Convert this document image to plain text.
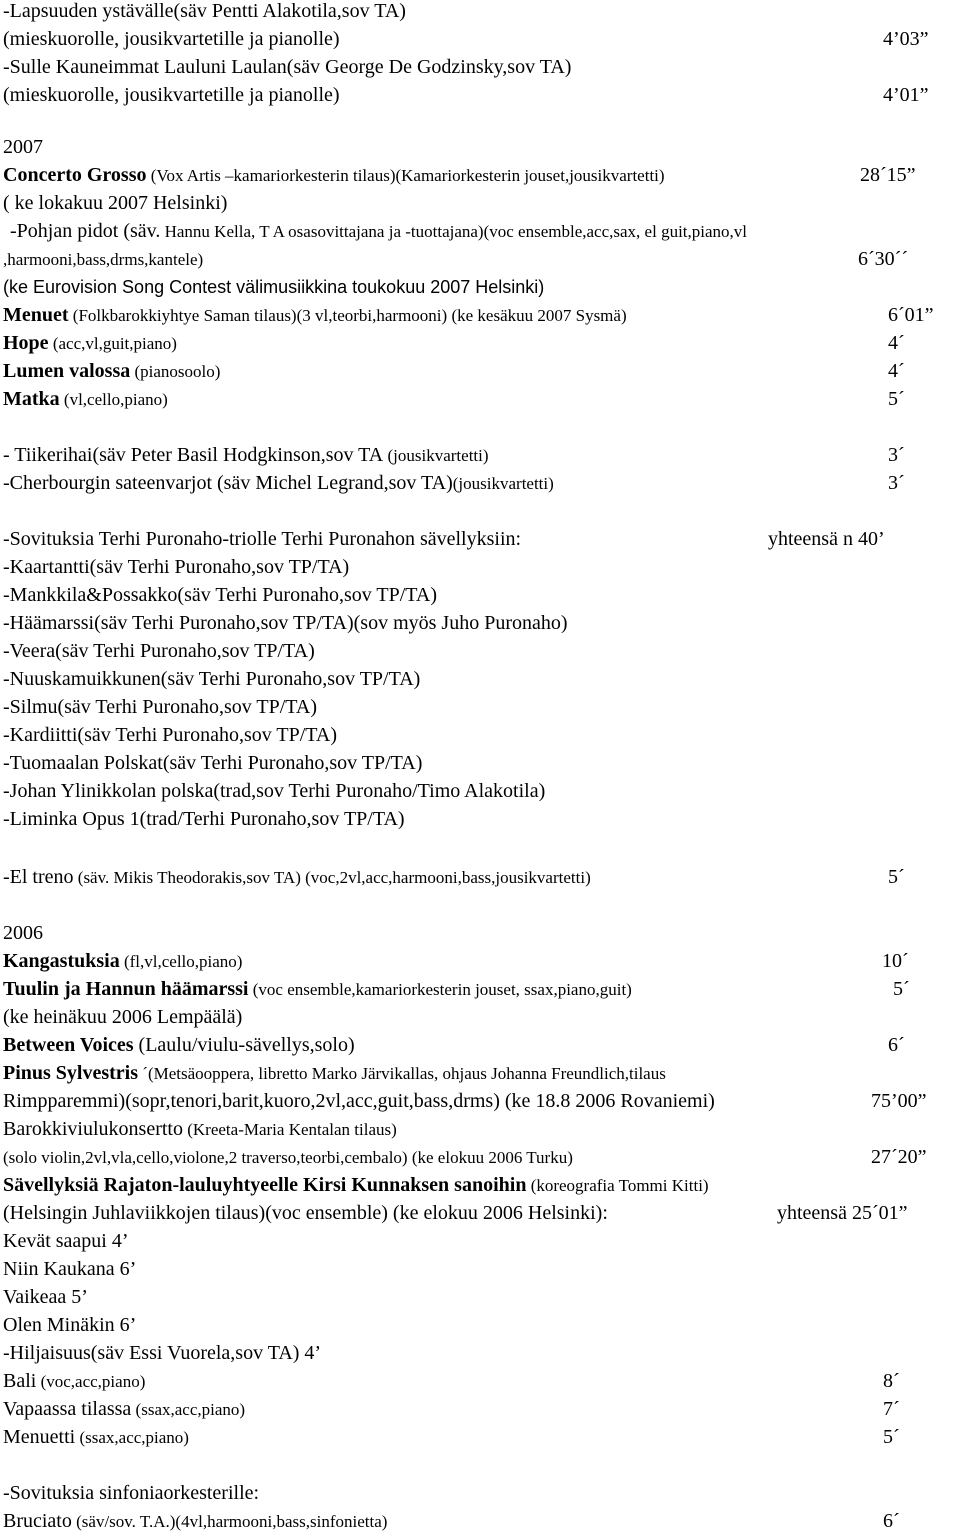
-Lapsuuden ystävälle(säv Pentti Alakotila,sov TA)
(mieskuorolle, jousikvartetille ja pianolle)	4’03”
-Sulle Kauneimmat Lauluni Laulan(säv George De Godzinsky,sov TA)
(mieskuorolle, jousikvartetille ja pianolle)	4’01”
2007
Concerto Grosso (Vox Artis –kamariorkesterin tilaus)(Kamariorkesterin jouset,jousikvartetti)	28´15”
( ke lokakuu 2007 Helsinki)
-Pohjan pidot (säv. Hannu Kella, T A osasovittajana ja -tuottajana)(voc ensemble,acc,sax, el guit,piano,vl
,harmooni,bass,drms,kantele)	6´30´´
(ke Eurovision Song Contest välimusiikkina toukokuu 2007 Helsinki)
Menuet (Folkbarokkiyhtye Saman tilaus)(3 vl,teorbi,harmooni) (ke kesäkuu 2007 Sysmä)	6´01”
Hope (acc,vl,guit,piano)	4´
Lumen valossa (pianosoolo)	4´
Matka (vl,cello,piano)	5´
- Tiikerihai(säv Peter Basil Hodgkinson,sov TA (jousikvartetti)	3´
-Cherbourgin sateenvarjot (säv Michel Legrand,sov TA)(jousikvartetti)	3´
-Sovituksia Terhi Puronaho-triolle Terhi Puronahon sävellyksiin:	yhteensä n 40’
-Kaartantti(säv Terhi Puronaho,sov TP/TA)
-Mankkila&Possakko(säv Terhi Puronaho,sov TP/TA)
-Häämarssi(säv Terhi Puronaho,sov TP/TA)(sov myös Juho Puronaho)
-Veera(säv Terhi Puronaho,sov TP/TA)
-Nuuskamuikkunen(säv Terhi Puronaho,sov TP/TA)
-Silmu(säv Terhi Puronaho,sov TP/TA)
-Kardiitti(säv Terhi Puronaho,sov TP/TA)
-Tuomaalan Polskat(säv Terhi Puronaho,sov TP/TA)
-Johan Ylinikkolan polska(trad,sov Terhi Puronaho/Timo Alakotila)
-Liminka Opus 1(trad/Terhi Puronaho,sov TP/TA)
-El treno (säv. Mikis Theodorakis,sov TA) (voc,2vl,acc,harmooni,bass,jousikvartetti)	5´
2006
Kangastuksia (fl,vl,cello,piano)	10´
Tuulin ja Hannun häämarssi (voc ensemble,kamariorkesterin jouset, ssax,piano,guit)	5´
(ke heinäkuu 2006 Lempäälä)
Between Voices (Laulu/viulu-sävellys,solo)	6´
Pinus Sylvestris ´(Metsäooppera, libretto Marko Järvikallas, ohjaus Johanna Freundlich,tilaus
Rimpparemmi)(sopr,tenori,barit,kuoro,2vl,acc,guit,bass,drms) (ke 18.8 2006 Rovaniemi)	75’00”
Barokkiviulukonsertto (Kreeta-Maria Kentalan tilaus)
(solo violin,2vl,vla,cello,violone,2 traverso,teorbi,cembalo) (ke elokuu 2006 Turku)	27´20”
Sävellyksiä Rajaton-lauluyhtyeelle Kirsi Kunnaksen sanoihin (koreografia Tommi Kitti)
(Helsingin Juhlaviikkojen tilaus)(voc ensemble) (ke elokuu 2006 Helsinki):	yhteensä 25´01”
Kevät saapui 4’
Niin Kaukana 6’
Vaikeaa 5’
Olen Minäkin 6’
-Hiljaisuus(säv Essi Vuorela,sov TA) 4’
Bali (voc,acc,piano)	8´
Vapaassa tilassa (ssax,acc,piano)	7´
Menuetti (ssax,acc,piano)	5´
-Sovituksia sinfoniaorkesterille:
Bruciato (säv/sov. T.A.)(4vl,harmooni,bass,sinfonietta)	6´
